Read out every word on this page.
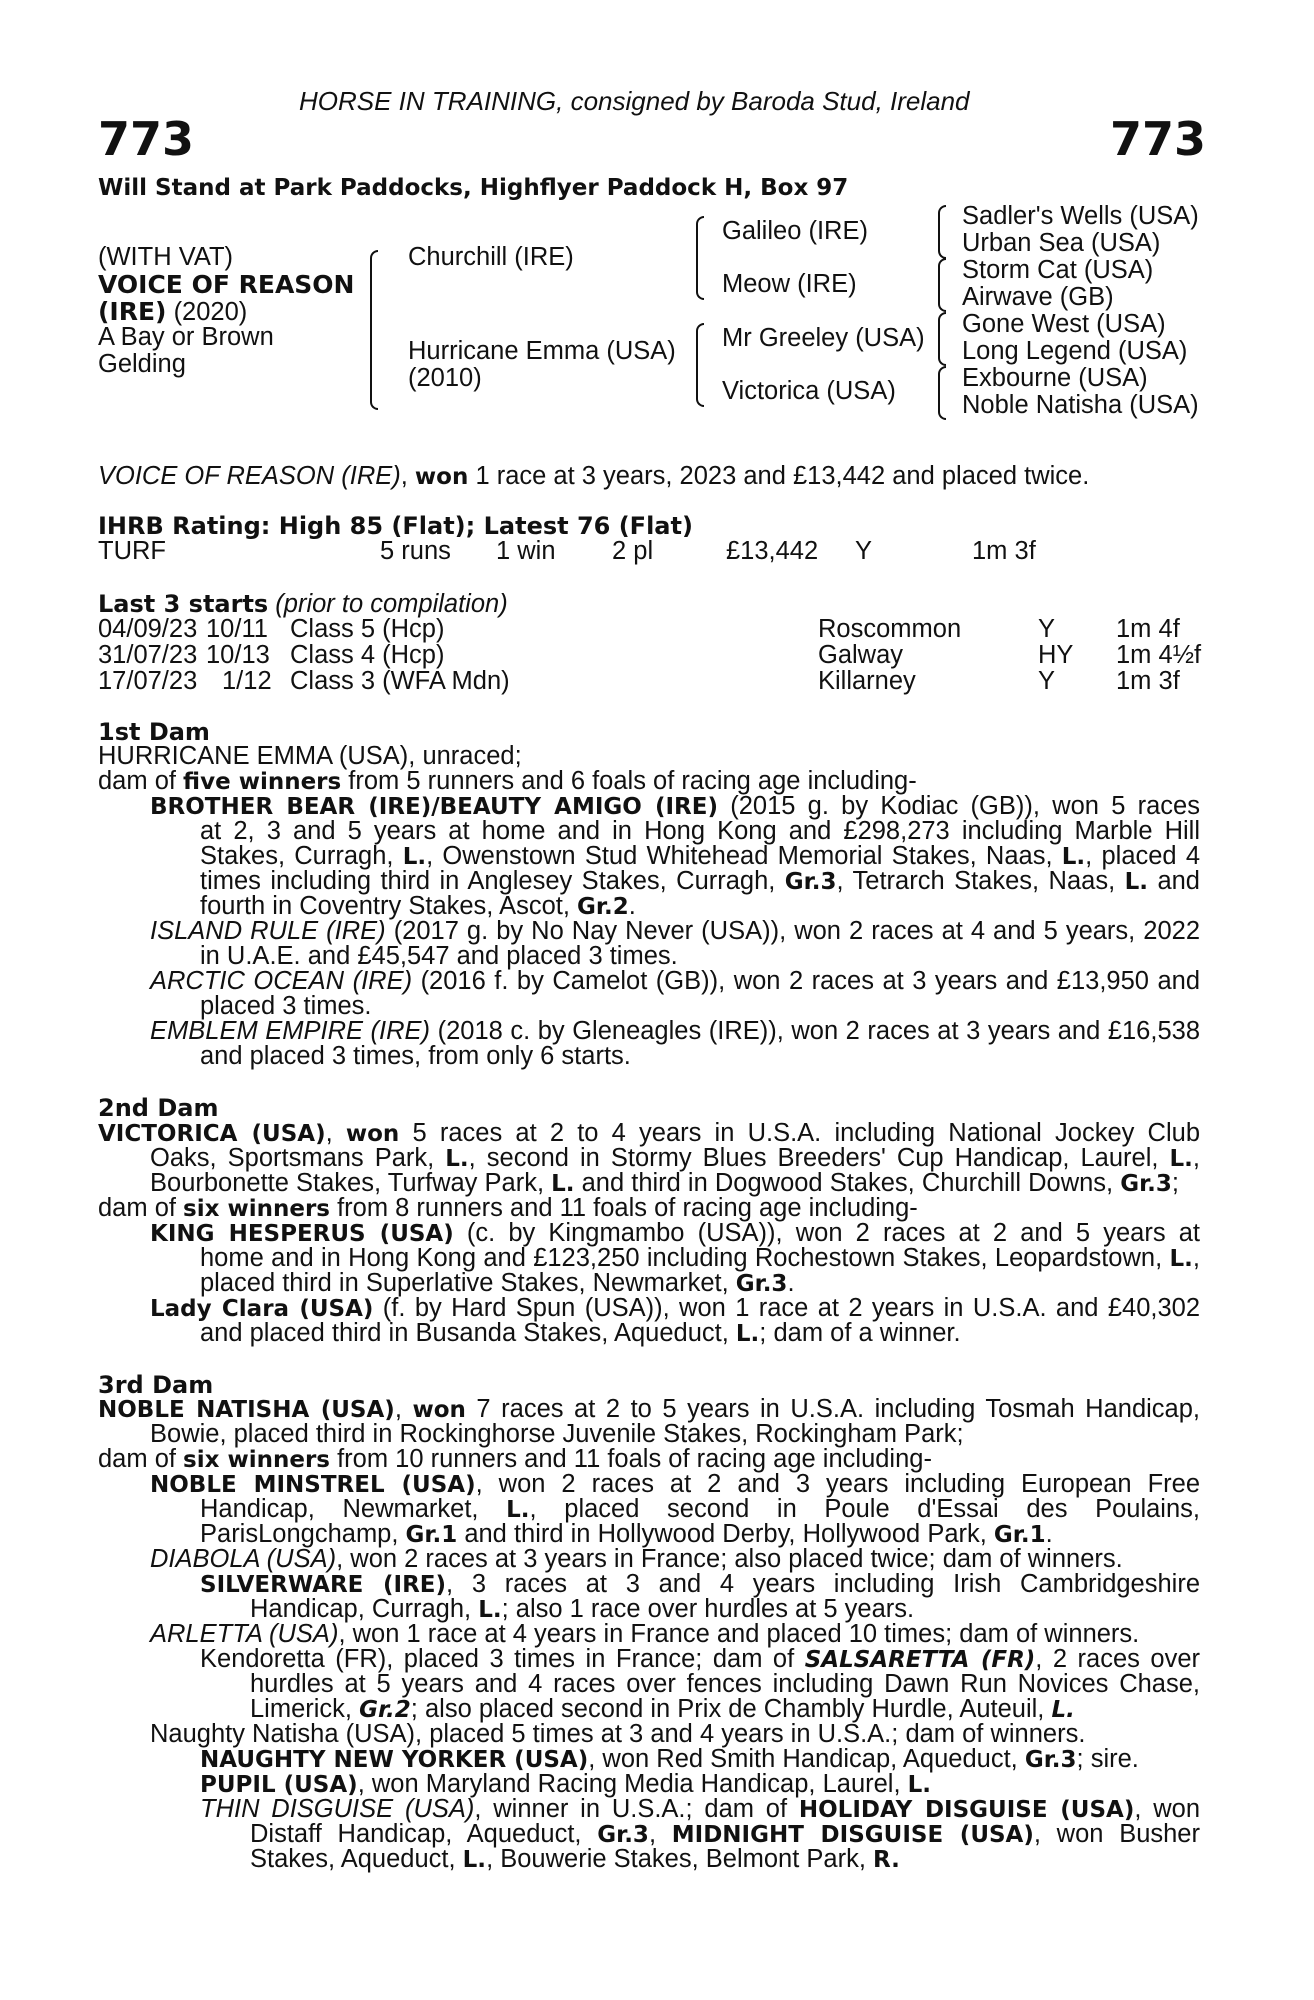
HORSE IN TRAINING, consigned by Baroda Stud, Ireland
773	773
Will Stand at Park Paddocks, Highflyer Paddock H, Box 97
(WITH VAT)
VOICE OF REASON
(IRE) (2020)
A Bay or Brown
Gelding
Churchill (IRE)
Hurricane Emma (USA)
(2010)
Galileo (IRE)
Meow (IRE)
Mr Greeley (USA)
Victorica (USA)
Sadler's Wells (USA)
Urban Sea (USA)
Storm Cat (USA)
Airwave (GB)
Gone West (USA)
Long Legend (USA)
Exbourne (USA)
Noble Natisha (USA)
VOICE OF REASON (IRE), won 1 race at 3 years, 2023 and £13,442 and placed twice.
IHRB Rating: High 85 (Flat); Latest 76 (Flat)
TURF	5 runs 1 win 2 pl	£13,442 Y	1m 3f
Last 3 starts (prior to compilation)
04/09/23 10/11 Class 5 (Hcp)	Roscommon	Y 1m 4f
31/07/23 10/13 Class 4 (Hcp)	Galway	HY 1m 4½f
17/07/23 1/12 Class 3 (WFA Mdn)	Killarney	Y 1m 3f
1st Dam
HURRICANE EMMA (USA), unraced;
dam of five winners from 5 runners and 6 foals of racing age including-
BROTHER BEAR (IRE)/BEAUTY AMIGO (IRE) (2015 g. by Kodiac (GB)), won 5 races
at 2, 3 and 5 years at home and in Hong Kong and £298,273 including Marble Hill
Stakes, Curragh, L., Owenstown Stud Whitehead Memorial Stakes, Naas, L., placed 4
times including third in Anglesey Stakes, Curragh, Gr.3, Tetrarch Stakes, Naas, L. and
fourth in Coventry Stakes, Ascot, Gr.2.
ISLAND RULE (IRE) (2017 g. by No Nay Never (USA)), won 2 races at 4 and 5 years, 2022
in U.A.E. and £45,547 and placed 3 times.
ARCTIC OCEAN (IRE) (2016 f. by Camelot (GB)), won 2 races at 3 years and £13,950 and
placed 3 times.
EMBLEM EMPIRE (IRE) (2018 c. by Gleneagles (IRE)), won 2 races at 3 years and £16,538
and placed 3 times, from only 6 starts.
2nd Dam
VICTORICA (USA), won 5 races at 2 to 4 years in U.S.A. including National Jockey Club
Oaks, Sportsmans Park, L., second in Stormy Blues Breeders' Cup Handicap, Laurel, L.,
Bourbonette Stakes, Turfway Park, L. and third in Dogwood Stakes, Churchill Downs, Gr.3;
dam of six winners from 8 runners and 11 foals of racing age including-
KING HESPERUS (USA) (c. by Kingmambo (USA)), won 2 races at 2 and 5 years at
home and in Hong Kong and £123,250 including Rochestown Stakes, Leopardstown, L.,
placed third in Superlative Stakes, Newmarket, Gr.3.
Lady Clara (USA) (f. by Hard Spun (USA)), won 1 race at 2 years in U.S.A. and £40,302
and placed third in Busanda Stakes, Aqueduct, L.; dam of a winner.
3rd Dam
NOBLE NATISHA (USA), won 7 races at 2 to 5 years in U.S.A. including Tosmah Handicap,
Bowie, placed third in Rockinghorse Juvenile Stakes, Rockingham Park;
dam of six winners from 10 runners and 11 foals of racing age including-
NOBLE MINSTREL (USA), won 2 races at 2 and 3 years including European Free
Handicap, Newmarket, L., placed second in Poule d'Essai des Poulains,
ParisLongchamp, Gr.1 and third in Hollywood Derby, Hollywood Park, Gr.1.
DIABOLA (USA), won 2 races at 3 years in France; also placed twice; dam of winners.
SILVERWARE (IRE), 3 races at 3 and 4 years including Irish Cambridgeshire
Handicap, Curragh, L.; also 1 race over hurdles at 5 years.
ARLETTA (USA), won 1 race at 4 years in France and placed 10 times; dam of winners.
Kendoretta (FR), placed 3 times in France; dam of SALSARETTA (FR), 2 races over
hurdles at 5 years and 4 races over fences including Dawn Run Novices Chase,
Limerick, Gr.2; also placed second in Prix de Chambly Hurdle, Auteuil, L.
Naughty Natisha (USA), placed 5 times at 3 and 4 years in U.S.A.; dam of winners.
NAUGHTY NEW YORKER (USA), won Red Smith Handicap, Aqueduct, Gr.3; sire.
PUPIL (USA), won Maryland Racing Media Handicap, Laurel, L.
THIN DISGUISE (USA), winner in U.S.A.; dam of HOLIDAY DISGUISE (USA), won
Distaff Handicap, Aqueduct, Gr.3, MIDNIGHT DISGUISE (USA), won Busher
Stakes, Aqueduct, L., Bouwerie Stakes, Belmont Park, R.
